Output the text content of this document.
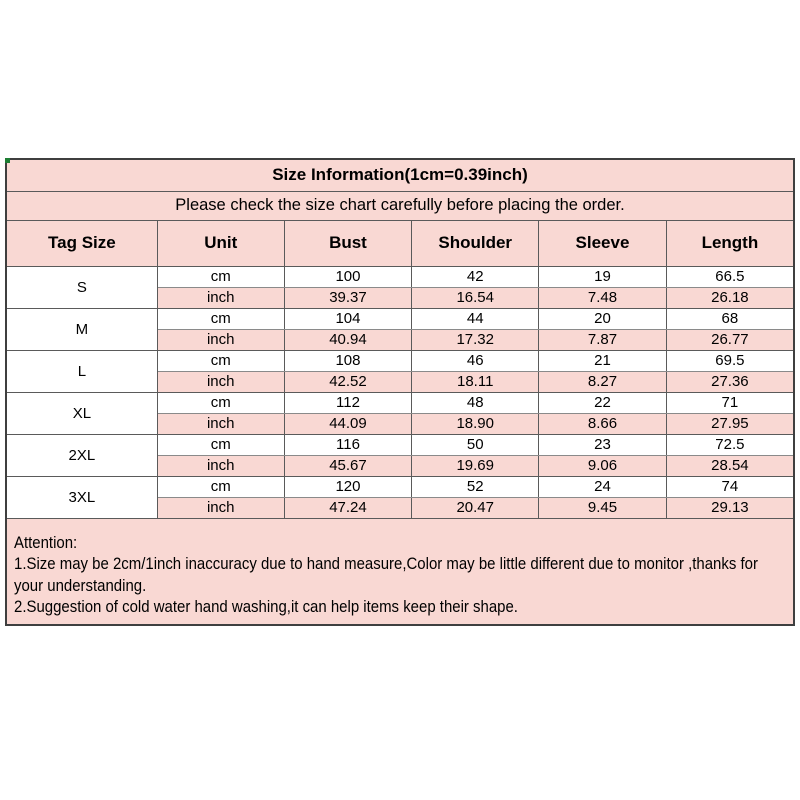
Size Information(1cm=0.39inch)					
Please check the size chart carefully before placing the order.					
Tag Size	Unit	Bust	Shoulder	Sleeve	Length
S	cm	100	42	19	66.5
	inch	39.37	16.54	7.48	26.18
M	cm	104	44	20	68
	inch	40.94	17.32	7.87	26.77
L	cm	108	46	21	69.5
	inch	42.52	18.11	8.27	27.36
XL	cm	112	48	22	71
	inch	44.09	18.90	8.66	27.95
2XL	cm	116	50	23	72.5
	inch	45.67	19.69	9.06	28.54
3XL	cm	120	52	24	74
	inch	47.24	20.47	9.45	29.13

Attention:
1.Size may be 2cm/1inch inaccuracy due to hand measure,Color may be little different due to monitor ,thanks for
your understanding.
2.Suggestion of cold water hand washing,it can help items keep their shape.					
